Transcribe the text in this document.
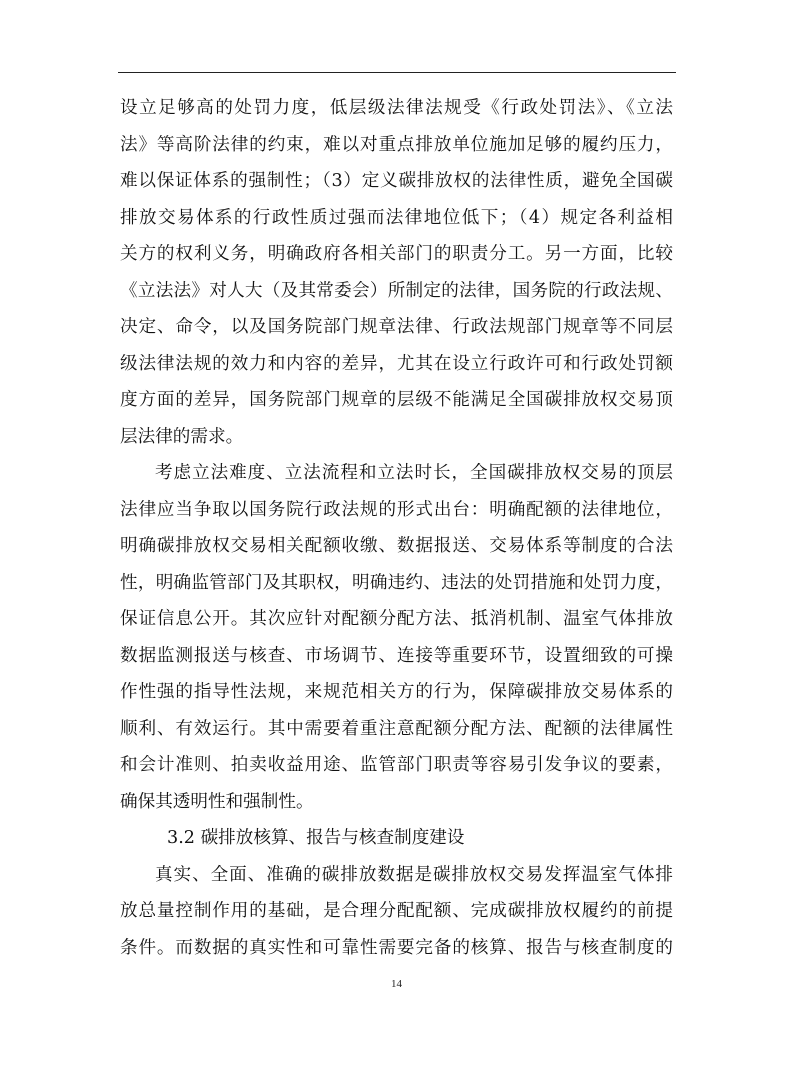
设立足够高的处罚力度，低层级法律法规受《行政处罚法》、《立法
法》等高阶法律的约束，难以对重点排放单位施加足够的履约压力，
难以保证体系的强制性；（3）定义碳排放权的法律性质，避免全国碳
排放交易体系的行政性质过强而法律地位低下；（4）规定各利益相
关方的权利义务，明确政府各相关部门的职责分工。另一方面，比较
《立法法》对人大（及其常委会）所制定的法律，国务院的行政法规、
决定、命令，以及国务院部门规章法律、行政法规部门规章等不同层
级法律法规的效力和内容的差异，尤其在设立行政许可和行政处罚额
度方面的差异，国务院部门规章的层级不能满足全国碳排放权交易顶
层法律的需求。
考虑立法难度、立法流程和立法时长，全国碳排放权交易的顶层
法律应当争取以国务院行政法规的形式出台：明确配额的法律地位，
明确碳排放权交易相关配额收缴、数据报送、交易体系等制度的合法
性，明确监管部门及其职权，明确违约、违法的处罚措施和处罚力度，
保证信息公开。其次应针对配额分配方法、抵消机制、温室气体排放
数据监测报送与核查、市场调节、连接等重要环节，设置细致的可操
作性强的指导性法规，来规范相关方的行为，保障碳排放交易体系的
顺利、有效运行。其中需要着重注意配额分配方法、配额的法律属性
和会计准则、拍卖收益用途、监管部门职责等容易引发争议的要素，
确保其透明性和强制性。
3.2 碳排放核算、报告与核查制度建设
真实、全面、准确的碳排放数据是碳排放权交易发挥温室气体排
放总量控制作用的基础，是合理分配配额、完成碳排放权履约的前提
条件。而数据的真实性和可靠性需要完备的核算、报告与核查制度的
14
